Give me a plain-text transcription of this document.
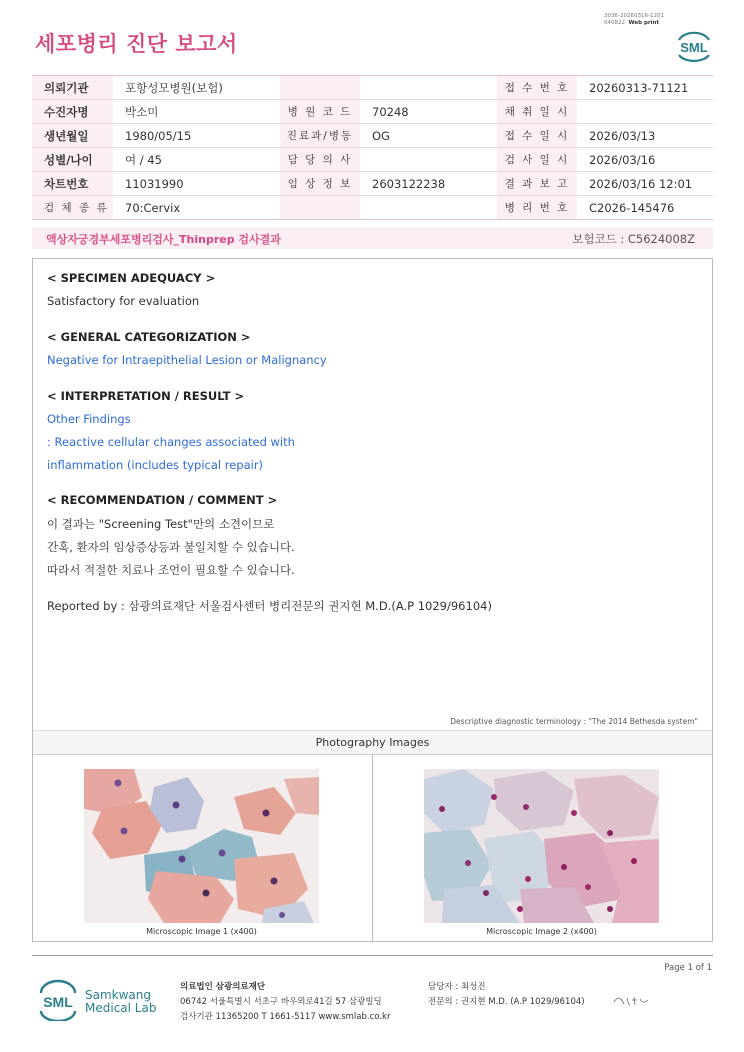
3036-20260316-1201
040822 Web print
세포병리 진단 보고서	SML
의뢰기관	포항성모병원(보험)			접 수 번 호	20260313-71121
수진자명	박소미	병 원 코 드	70248	채 취 일 시	
생년월일	1980/05/15	진료과/병동	OG	접 수 일 시	2026/03/13
성별/나이	여 / 45	담 당 의 사		검 사 일 시	2026/03/16
차트번호	11031990	임 상 정 보	2603122238	결 과 보 고	2026/03/16 12:01
검 체 종 류	70:Cervix			병 리 번 호	C2026-145476
액상자궁경부세포병리검사_Thinprep 검사결과	보험코드 : C5624008Z
< SPECIMEN ADEQUACY >
Satisfactory for evaluation
< GENERAL CATEGORIZATION >
Negative for Intraepithelial Lesion or Malignancy
< INTERPRETATION / RESULT >
Other Findings
: Reactive cellular changes associated with
inflammation (includes typical repair)
< RECOMMENDATION / COMMENT >
이 결과는 "Screening Test"만의 소견이므로
간혹, 환자의 임상증상등과 불일치할 수 있습니다.
따라서 적절한 치료나 조언이 필요할 수 있습니다.
Reported by : 삼광의료재단 서울검사센터 병리전문의 권지현 M.D.(A.P 1029/96104)
Descriptive diagnostic terminology : "The 2014 Bethesda system"
Photography Images
Microscopic Image 1 (x400)	Microscopic Image 2 (x400)
Page 1 of 1
SML Samkwang
Medical Lab
의료법인 삼광의료재단
06742 서울특별시 서초구 바우뫼로41길 57 삼광빌딩
검사기관 11365200 T 1661-5117 www.smlab.co.kr
담당자 : 최성진
전문의 : 권지현 M.D. (A.P 1029/96104)
